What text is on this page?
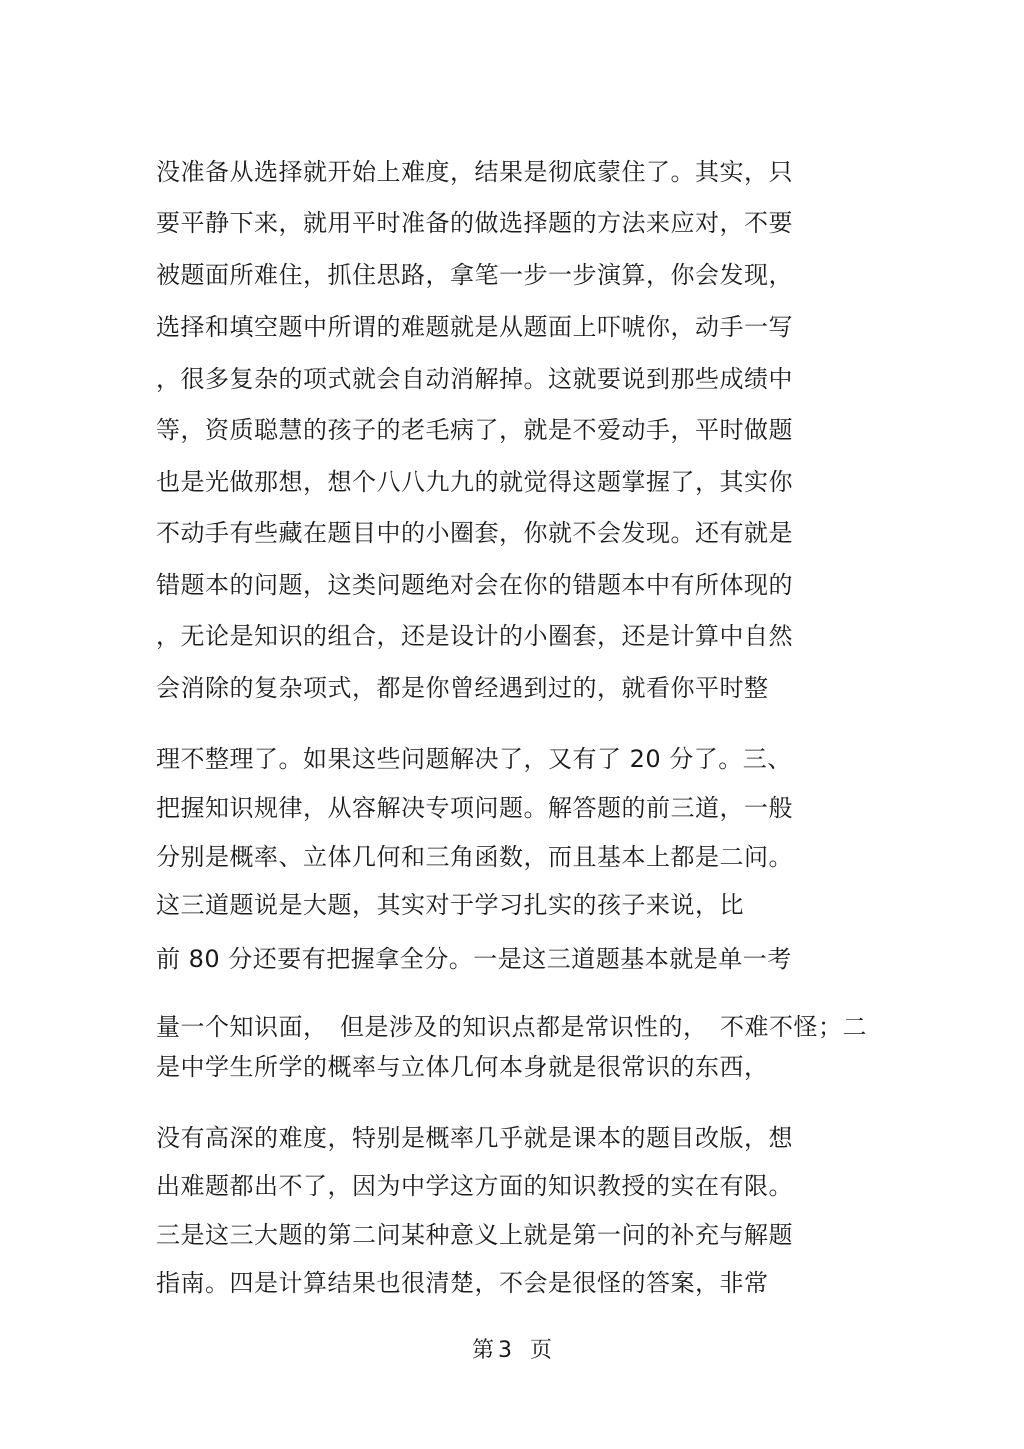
没准备从选择就开始上难度，结果是彻底蒙住了。其实，只
要平静下来，就用平时准备的做选择题的方法来应对，不要
被题面所难住，抓住思路，拿笔一步一步演算，你会发现，
选择和填空题中所谓的难题就是从题面上吓唬你，动手一写
，很多复杂的项式就会自动消解掉。这就要说到那些成绩中
等，资质聪慧的孩子的老毛病了，就是不爱动手，平时做题
也是光做那想，想个八八九九的就觉得这题掌握了，其实你
不动手有些藏在题目中的小圈套，你就不会发现。还有就是
错题本的问题，这类问题绝对会在你的错题本中有所体现的
，无论是知识的组合，还是设计的小圈套，还是计算中自然
会消除的复杂项式，都是你曾经遇到过的，就看你平时整
理不整理了。如果这些问题解决了，又有了 20 分了。三、
把握知识规律，从容解决专项问题。解答题的前三道，一般
分别是概率、立体几何和三角函数，而且基本上都是二问。
这三道题说是大题，其实对于学习扎实的孩子来说，比
前 80 分还要有把握拿全分。一是这三道题基本就是单一考
量一个知识面，　但是涉及的知识点都是常识性的，　不难不怪；二
是中学生所学的概率与立体几何本身就是很常识的东西，
没有高深的难度，特别是概率几乎就是课本的题目改版，想
出难题都出不了，因为中学这方面的知识教授的实在有限。
三是这三大题的第二问某种意义上就是第一问的补充与解题
指南。四是计算结果也很清楚，不会是很怪的答案，非常
第 3 页
